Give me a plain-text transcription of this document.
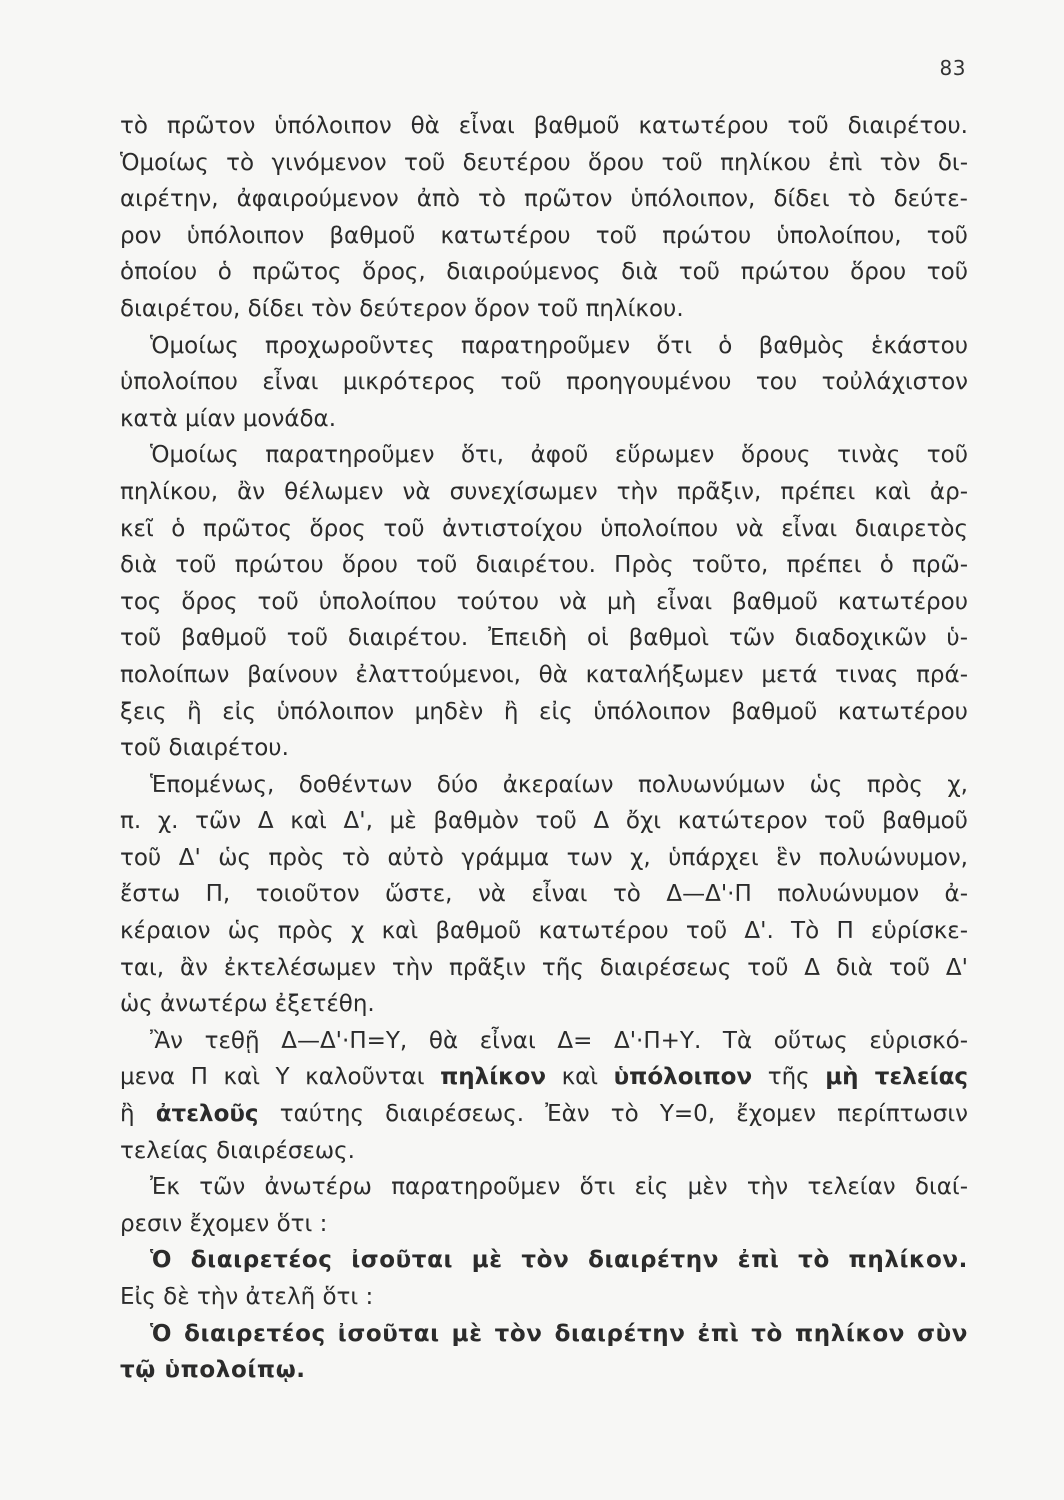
83
τὸ πρῶτον ὑπόλοιπον θὰ εἶναι βαθμοῦ κατωτέρου τοῦ διαιρέτου.
Ὁμοίως τὸ γινόμενον τοῦ δευτέρου ὅρου τοῦ πηλίκου ἐπὶ τὸν δι-
αιρέτην, ἀφαιρούμενον ἀπὸ τὸ πρῶτον ὑπόλοιπον, δίδει τὸ δεύτε-
ρον ὑπόλοιπον βαθμοῦ κατωτέρου τοῦ πρώτου ὑπολοίπου, τοῦ
ὁποίου ὁ πρῶτος ὅρος, διαιρούμενος διὰ τοῦ πρώτου ὅρου τοῦ
διαιρέτου, δίδει τὸν δεύτερον ὅρον τοῦ πηλίκου.
Ὁμοίως προχωροῦντες παρατηροῦμεν ὅτι ὁ βαθμὸς ἑκάστου
ὑπολοίπου εἶναι μικρότερος τοῦ προηγουμένου του τοὐλάχιστον
κατὰ μίαν μονάδα.
Ὁμοίως παρατηροῦμεν ὅτι, ἀφοῦ εὕρωμεν ὅρους τινὰς τοῦ
πηλίκου, ἂν θέλωμεν νὰ συνεχίσωμεν τὴν πρᾶξιν, πρέπει καὶ ἀρ-
κεῖ ὁ πρῶτος ὅρος τοῦ ἀντιστοίχου ὑπολοίπου νὰ εἶναι διαιρετὸς
διὰ τοῦ πρώτου ὅρου τοῦ διαιρέτου. Πρὸς τοῦτο, πρέπει ὁ πρῶ-
τος ὅρος τοῦ ὑπολοίπου τούτου νὰ μὴ εἶναι βαθμοῦ κατωτέρου
τοῦ βαθμοῦ τοῦ διαιρέτου. Ἐπειδὴ οἱ βαθμοὶ τῶν διαδοχικῶν ὑ-
πολοίπων βαίνουν ἐλαττούμενοι, θὰ καταλήξωμεν μετά τινας πρά-
ξεις ἢ εἰς ὑπόλοιπον μηδὲν ἢ εἰς ὑπόλοιπον βαθμοῦ κατωτέρου
τοῦ διαιρέτου.
Ἑπομένως, δοθέντων δύο ἀκεραίων πολυωνύμων ὡς πρὸς χ,
π. χ. τῶν Δ καὶ Δ', μὲ βαθμὸν τοῦ Δ ὄχι κατώτερον τοῦ βαθμοῦ
τοῦ Δ' ὡς πρὸς τὸ αὐτὸ γράμμα των χ, ὑπάρχει ἓν πολυώνυμον,
ἔστω Π, τοιοῦτον ὥστε, νὰ εἶναι τὸ Δ—Δ'·Π πολυώνυμον ἀ-
κέραιον ὡς πρὸς χ καὶ βαθμοῦ κατωτέρου τοῦ Δ'. Τὸ Π εὑρίσκε-
ται, ἂν ἐκτελέσωμεν τὴν πρᾶξιν τῆς διαιρέσεως τοῦ Δ διὰ τοῦ Δ'
ὡς ἀνωτέρω ἐξετέθη.
Ἂν τεθῇ Δ—Δ'·Π=Υ, θὰ εἶναι Δ= Δ'·Π+Υ. Τὰ οὕτως εὑρισκό-
μενα Π καὶ Υ καλοῦνται πηλίκον καὶ ὑπόλοιπον τῆς μὴ τελείας
ἢ ἀτελοῦς ταύτης διαιρέσεως. Ἐὰν τὸ Υ=0, ἔχομεν περίπτωσιν
τελείας διαιρέσεως.
Ἐκ τῶν ἀνωτέρω παρατηροῦμεν ὅτι εἰς μὲν τὴν τελείαν διαί-
ρεσιν ἔχομεν ὅτι :
Ὁ διαιρετέος ἰσοῦται μὲ τὸν διαιρέτην ἐπὶ τὸ πηλίκον.
Εἰς δὲ τὴν ἀτελῆ ὅτι :
Ὁ διαιρετέος ἰσοῦται μὲ τὸν διαιρέτην ἐπὶ τὸ πηλίκον σὺν
τῷ ὑπολοίπῳ.
